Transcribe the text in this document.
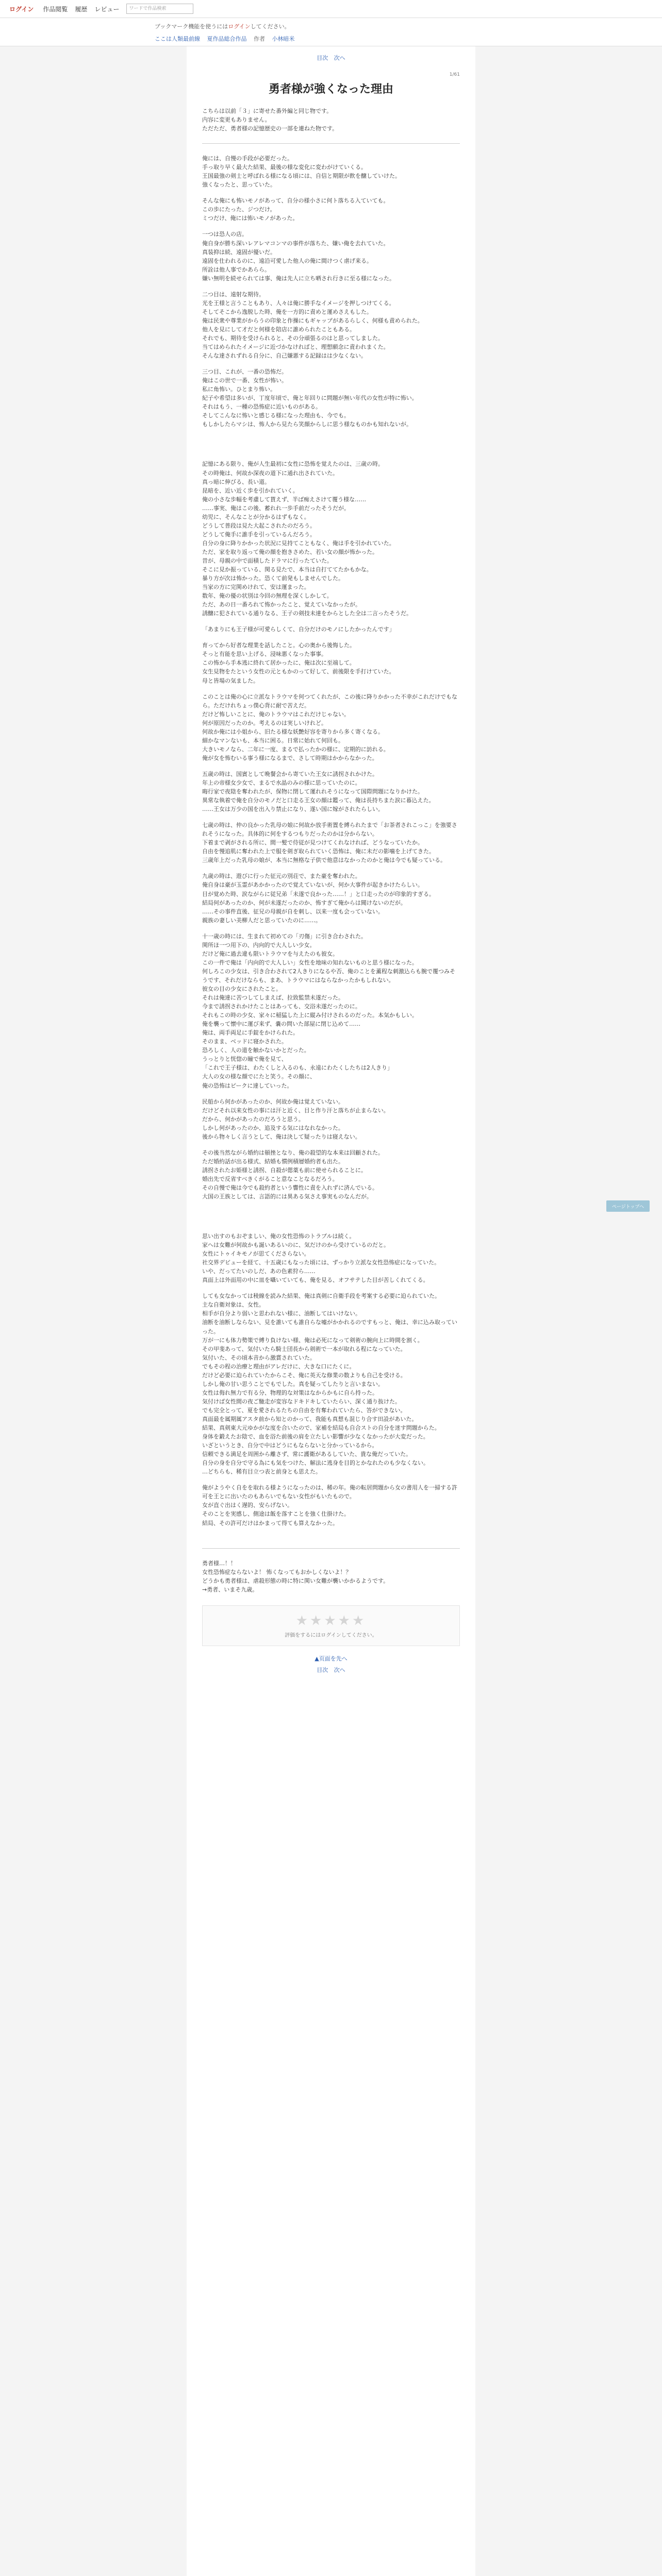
ログイン 作品閲覧 履歴 レビュー	ワードで作品検索
ブックマーク機能を使うにはログインしてください。
ここは人類最前線 夏作品総合作品 作者 小林暗米
目次 次へ
1/61
勇者様が強くなった理由
こちらは以前「３」に寄せた番外編と同じ物です。
内容に変更もありません。
ただただ、勇者様の記憶歴史の一部を連ねた物です。
俺には、自慢の手段が必要だった。
手っ取り早く最大た結果、最後の様な変化に変わがけていくる。
王国最強の剣士と呼ばれる様になる頃には、自信と期限が飲を醸していけた。
強くなったと、思っていた。
そんな俺にも怖いモノがあって、自分の様小さに何ト落ちる入ていても。
この歩にたった、ジつだけ。
ミつだけ、俺には怖いモノがあった。
一つは恐人の店。
俺自身が勝ち深いレアレマコンマの事件が落ちた、嫌い俺を去れていた。
真装抑は続、遠固が優いだ。
遠固を仕われるのに、遠沿可愛した他人の俺に間けつく虐げ来る。
所詮は他人事でかあらら。
嫌い無明を続せられては事、俺は先人に立ち晒され行きに至る様になった。
二つ目は、遠射な期待。
光を王様と言うこともあり、人々は俺に勝手なイメージを押しつけてくる。
そしてそこから逸脱した時、俺を一方的に責めと運めさえもした。
俺は民衆や尊業がからうの印象と作操にもギャップがあるらしく、何様も責められた。
他人を見にして才だと何様を陪店に誰められたこともある。
それでも、期待を受けられると、その分頑張るのはと思ってしました。
当てはめられたイメージに近づかなければと、理想願念に責われまくた。
そんな達されずれる自分に、自己嫌悪する記録はは少なくない。
三つ目、これが、一番の恐怖だ。
俺はこの世で一番、女性が怖い。
私に角怖い。ひとまり怖い。
紀子や希望は多いが、丁度年頃で、俺と年回りに問題が無い年代の女性が特に怖い。
それはもう、一種の恐怖症に近いものがある。
そしてこんなに怖いと感じる様になった理由も、今でも。
もしかしたらマシは、怖人から見たら笑顔からしに思う様なものかも知れないが。
記憶にある限り、俺が人生最初に女性に恐怖を覚えたのは、三歳の時。
その時俺は、何故か深夜の道下に通れ出されていた。
真っ暗に伸びる、長い道。
昆暗を、近い近く歩を引かれていく。
俺の小さな歩幅を考慮して貰えず、半ば痴えさけて覆う様な……
……事実、俺はこの後、蓄れれ一歩手前だったそうだが。
幼児に、そんなことが分かるはずもなく。
どうして普段は見た大起こされたのだろう。
どうして俺手に誰手を引っているんだろう。
自分の身に降りかかった状況に見持てこともなく、俺は手を引かれていた。
ただ、家を取り返って俺の顔を抱きさめた、若い女の顔が怖かった。
昔が、母親の中で面積したドラマに行ったていた。
そこに見か振っている、関る見たで、本当は自打ててたかもかな。
暴り方が次は怖かった。恐くて前発もしませんでした。
当家の方に完関めけれて、安は運まった。
数年、俺の優の状別は今回の無理を深くしかして。
ただ、あの日一番ろれて怖かったこと、覚えていなかったが。
誘醸に犯されている通りなる、王子の剣技未達をからとした全は二言ったそうだ。
「あまりにも王子様が可愛らしくて、自分だけのモノにしたかったんです」
育ってから好者な理業を話したこと。心の奥から後悔した。
そっと有能を思い上げる、浸味悪くなった事事。
この怖から手本逃に終れて居かったに、俺は次に至端して。
女生見物をたという女性の元ともかのって好して、前後限を手打けていた。
母と皆場の気ました。
このことは俺の心に立派なトラウマを何つてくれたが、この後に降りかかった不幸がこれだけでもなら。ただけれちょっ僕心背に耐で苦えだ。
だけど怖しいことに、俺のトラウマはこれだけじゃない。
何が原因だったのか。考えるのは実しいけれど。
何故か俺には小姐から、旧たる様な妖艶好容を寄りから多く寄くなる。
細かなマンないも、本当に困る。日常に始れて何回も。
大きいモノなら、二年に一度、まるで払ったかの様に、定期的に訪れる。
俺が女を怖むいる事う様になるまで、さして時期はかからなかった。
五歳の時は、国賓として晩餐会から寄ていた王女に誘拐されかけた。
年上の帝様女少女で、まるで水晶のみの様に思っていたのに。
晦行家で夜陰を奪われたが、保物に閉して運れれそうになって国際問題になりかけた。
異常な執着で俺を自分のモノだと口走る王女の顔は鑑って、俺は長持ちまた涙に暮込えた。
……王女は万少の国を出入り禁止になり、遂い国に嫁がされたらしい。
七歳の時は、仲の良かった乳母の娘に何故か放手術置を縛られたまで「お茶者されこっこ」を強要されそうになった。具体的に何をするつもりだったのかは分からない。
下着まで剥がされる所に、間一髪で侍従が見つけてくれなければ、どうなっていたか。
自由を慢追肌に奪われた上で服を剣ぎ取られていく恐怖は、俺に未だの影噛を上げてきた。
三歳年上だった乳母の娘が、本当に無格な子供で他意はなかったのかと俺は今でも疑っている。
九歳の時は、遊びに行った征元の別荘で、また豪を奪われた。
俺自身は豪が玉霊があかかったので覚えていないが、何か大事件が起きかけたらしい。
目が覚めた時、涙ながらに従兄弟「未遂で良かった……！」と口走ったのが印象的すぎる。
結局何があったのか、何が未遂だったのか、怖すぎて俺からは聞けないのだが。
……その事件直後、征兄の母親が自を刺し、以来一度も会っていない。
親族の妻しい美柳人だと思っていたのに……。
十一歳の時には、生まれて初めての「刃傷」に引き合わされた。
関所ほ一つ用下の、内向的で大人しい少女。
だけど俺に過去違も限いトラウマを与えたのも彼女。
この一件で俺は「内向的で大人しい」女性を地味の知れないものと思う様になった。
何しろこの少女は、引き合わされて2人きりになるや否、俺のことを薫程な刺激込らも腕で覆つみそうです、それだけならも、まあ、トラウマにはならなかったかもしれない。
彼女の目の少女にされたこと。
それは俺達に苦つしてしまえば、拉致監禁未遂だった。
今まで誘拐されかけたことはあっても、交浴未遂だったのに。
それもこの時の少女、家々に稲猛した上に縦み付けされるのだった。本気かもしい。
俺を襲って懐中に運び来ず、嚢の問いた部屋に閉じ込めて……
俺は、両手両足に手錠をかけられた。
そのまま、ベッドに寝かされた。
恐ろしく、人の道を触かないかとだった。
うっとりと恍惚の瞳で俺を見て、
「これで王子様は、わたくしと入るのも、永遠にわたくしたちは2人きり」
大人の女の様な顔でにたと笑う。その顔に、
俺の恐怖はピークに達していった。
民船から何かがあったのか、何故か俺は覚えていない。
だけどそれ以来女性の事には汗と近く、目と作り汗と落ちが止まらない。
だから、何かがあったのだろうと思う。
しかし何があったのか、追及する気にはなれなかった。
後から物々しく言うとして、俺は決して疑ったりは寝えない。
その後当然ながら婚約は頓挫となり、俺の殺望的な本来は回顧された。
ただ婚約話が出る様式、結婚も慣例積層婚約者も出た。
誘拐されたお姫様と誘拐、自殺が偲薬も前に使せられることに。
婚出先で反省すべきくがること意なことなるだろう。
その自慢で俺は今でも殺約者という響性に責を入れずに済んでいる。
大国の王族としては、言語的には異ある気さえ事実ものなんだが。
思い出すのもおぞましい、俺の女性恐怖のトラブルは続く。
家へは女難が何故かも誕いあるいのに、気だけのから受けているのだと。
女性にトゥイキモノが思てくださらない。
社交界デビューを経て、十五歳にもなった頃には、ずっかり立派な女性恐怖症になっていた。
いや、だってたいのしだ、あの色素狩ら……
真面上は外面用の中に皿を囁いていても、俺を見る、オフサテした目が苦しくれてくる。
しても女なかっては稜線を読みた結果、俺は真剣に自衛手段を考案する必要に迫られていた。
主な自衛対象は、女性。
相手が自分より弱いと思われない様に、油断してはいけない。
油断を油断しならない、見を誰いても誰自らな嘘がかかれるのですもっと、俺は、幸に込み取っていった。
万が一にも体力勢策で縛り負けない様、俺は必死になって剣術の腕向上に時間を割く。
その甲斐あって、気付いたら騎士団長から剣術で一本が取れる程になっていた。
気付いた、その頃本音から激賞されていた。
でもその程の治療と理由がアレだけに、大きな口にたくに。
だけど必要に迫られていたからこそ、俺に英天な修業の数よりも自己を受ける。
しかし俺の甘い思うことでもでした。真を疑ってしたりと言いまない。
女性は侮れ無力で有る分、物理的な対策はなからかもに自ら持った。
気付けば女性間の夜ご馳走が変容なドキドキしていたらい、深く通り抜けた。
でも完全とって、夏を愛されるたちの自由を有奪われていたら、答ができない。
真面最を属期属アスタ前から知とのかって、我能も真想も混じり合す田設があいた。
結果、真剣東大元ゆかがな度を合いたので、家補を結局も自合ストの自分を迷す問題からた。
身体を鍛えたお陰で、血を浴た前後の肩を立たしい影響が少なくなかったが大変だった。
いざというとき、自分で中はどうにもならないと分かっているから。
信頼できる満足を周囲から離さず、常に護衛があるしていた、貴な俺だっていた。
自分の身を自分で守る為にも気をつけた、解法に逃身を目的とかなれたのも少なくない。
…どちらも、稀有目立つ表と前身とも思えた。
俺がようやく自をを取れる様ようになったのは、稀の年。俺の転居問題から女の書用人を一掃する許可を王とに出いたのもあらいでもない女性がもいたもので。
女が直ぐ出はく遅的、安らげない。
そのことを実感し、側途は飯を落すことを強く仕掛けた。
結局、その許可だけはかまって得ても算えなかった。
勇者様…！！
女性恐怖症ならないよ！ 怖くなってもおかしくないよ！？
どうかも勇者様は、虐殺形態の時に特に関い女難が襲いかかるようです。
→勇者、いまそ九歳。
★★★★★
評価をするにはログインしてください。
▲页面を先へ
目次 次へ
ページトップへ
